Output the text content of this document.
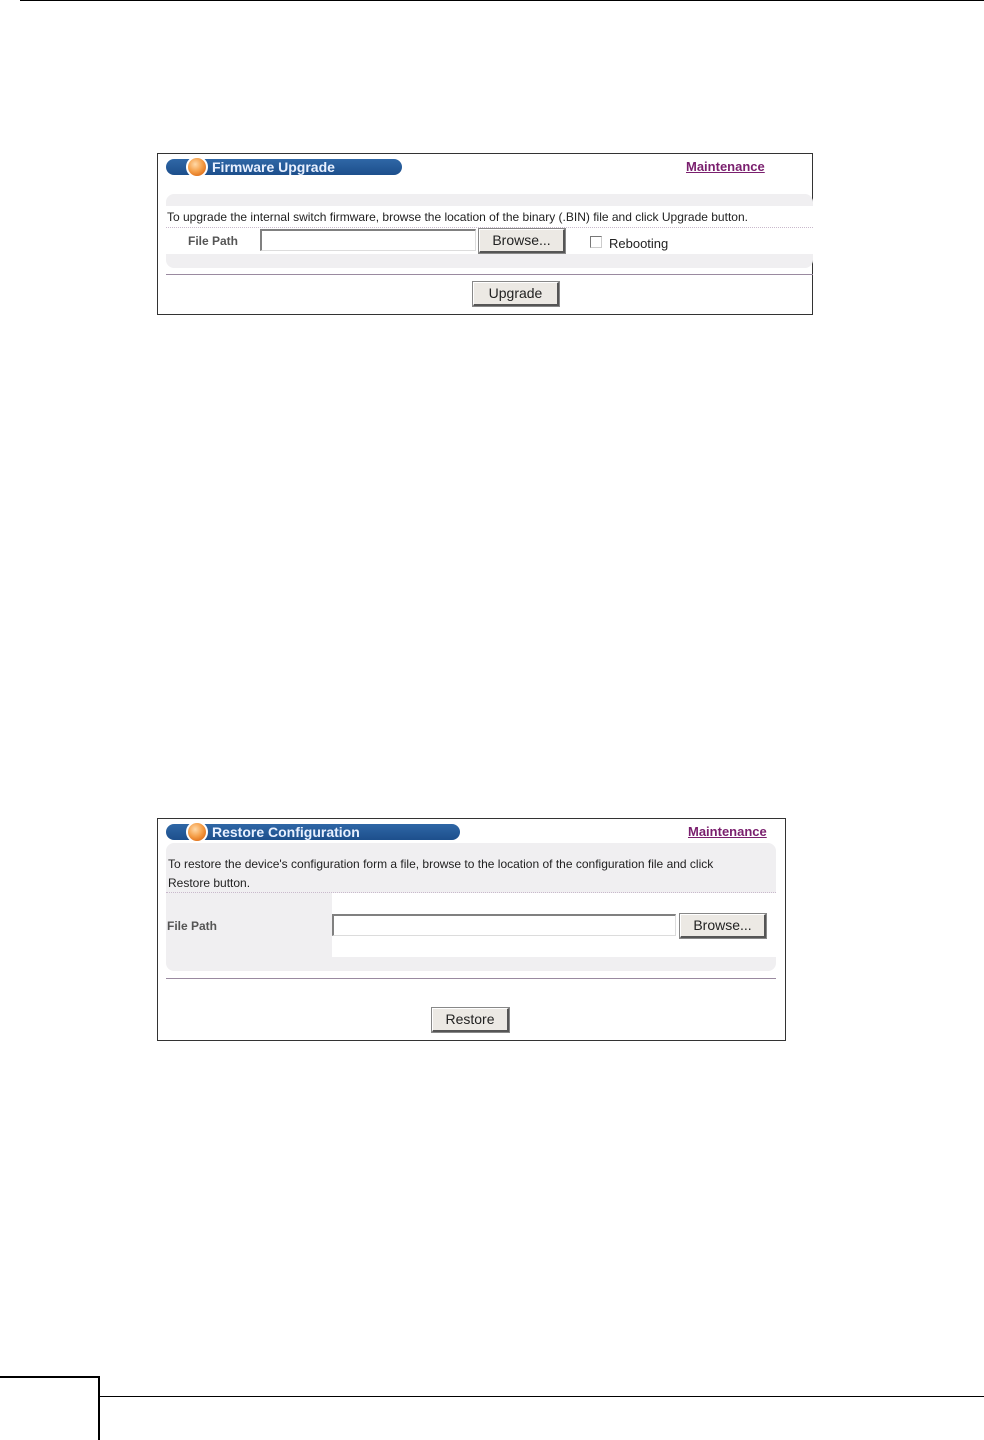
Firmware Upgrade	Maintenance
To upgrade the internal switch firmware, browse the location of the binary (.BIN) file and click Upgrade button.
File Path	Browse...	Rebooting
Upgrade
Restore Configuration	Maintenance
To restore the device's configuration form a file, browse to the location of the configuration file and click
Restore button.
File Path	Browse...
Restore
